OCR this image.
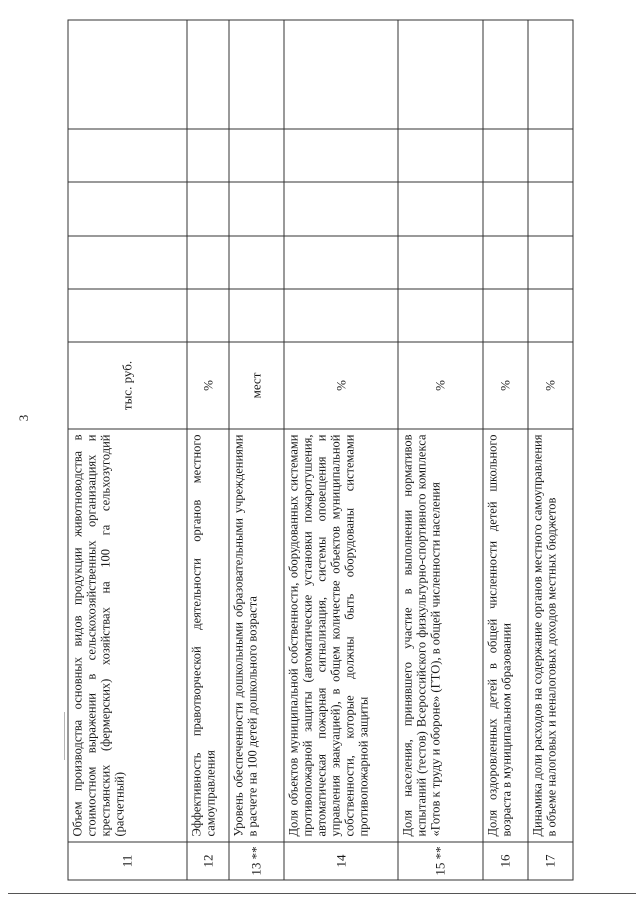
3
11	Объем производства основных видов продукции животноводства в стоимостном выражении в сельскохозяйственных организациях и крестьянских (фермерских) хозяйствах на 100 га сельхозугодий (расчетный)	тыс. руб.					
12	Эффективность правотворческой деятельности органов местного самоуправления	%					
13 **	Уровень обеспеченности дошкольными образовательными учреждениями в расчете на 100 детей дошкольного возраста	мест					
14	Доля объектов муниципальной собственности, оборудованных системами противопожарной защиты (автоматические установки пожаротушения, автоматическая пожарная сигнализация, системы оповещения и управления эвакуацией), в общем количестве объектов муниципальной собственности, которые должны быть оборудованы системами противопожарной защиты	%					
15 **	Доля населения, принявшего участие в выполнении нормативов испытаний (тестов) Всероссийского физкультурно-спортивного комплекса «Готов к труду и обороне» (ГТО), в общей численности населения	%					
16	Доля оздоровленных детей в общей численности детей школьного возраста в муниципальном образовании	%					
17	Динамика доли расходов на содержание органов местного самоуправления в объеме налоговых и неналоговых доходов местных бюджетов	%					
